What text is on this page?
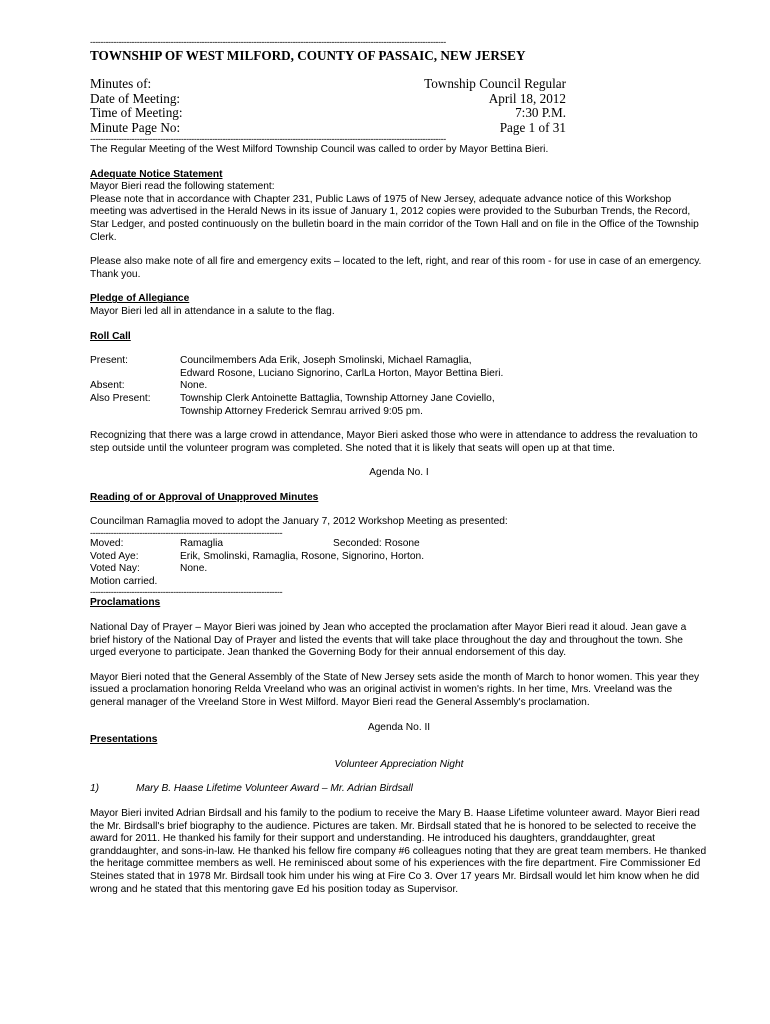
-----------------------------------------------------------------------------------------------------------------------------------------
TOWNSHIP OF WEST MILFORD, COUNTY OF PASSAIC, NEW JERSEY
Minutes of:	Township Council Regular
Date of Meeting:	April 18, 2012
Time of Meeting:	7:30 P.M.
Minute Page No:	Page 1 of 31
-----------------------------------------------------------------------------------------------------------------------------------------

The Regular Meeting of the West Milford Township Council was called to order by Mayor Bettina Bieri.

Adequate Notice Statement

Mayor Bieri read the following statement:

Please note that in accordance with Chapter 231, Public Laws of 1975 of New Jersey, adequate advance notice of this Workshop meeting was advertised in the Herald News in its issue of January 1, 2012 copies were provided to the Suburban Trends, the Record, Star Ledger, and posted continuously on the bulletin board in the main corridor of the Town Hall and on file in the Office of the Township Clerk.

Please also make note of all fire and emergency exits – located to the left, right, and rear of this room - for use in case of an emergency. Thank you.

Pledge of Allegiance

Mayor Bieri led all in attendance in a salute to the flag.

Roll Call

Present:	Councilmembers Ada Erik, Joseph Smolinski, Michael Ramaglia,
Edward Rosone, Luciano Signorino, CarlLa Horton, Mayor Bettina Bieri.
Absent:	None.
Also Present:	Township Clerk Antoinette Battaglia, Township Attorney Jane Coviello,
Township Attorney Frederick Semrau arrived 9:05 pm.

Recognizing that there was a large crowd in attendance, Mayor Bieri asked those who were in attendance to address the revaluation to step outside until the volunteer program was completed. She noted that it is likely that seats will open up at that time.

Agenda No. I

Reading of or Approval of Unapproved Minutes

Councilman Ramaglia moved to adopt the January 7, 2012 Workshop Meeting as presented:

--------------------------------------------------------------------------
Moved:	Ramaglia	Seconded: Rosone
Voted Aye:	Erik, Smolinski, Ramaglia, Rosone, Signorino, Horton.
Voted Nay:	None.

Motion carried.

--------------------------------------------------------------------------

Proclamations

National Day of Prayer – Mayor Bieri was joined by Jean who accepted the proclamation after Mayor Bieri read it aloud. Jean gave a brief history of the National Day of Prayer and listed the events that will take place throughout the day and throughout the town. She urged everyone to participate. Jean thanked the Governing Body for their annual endorsement of this day.

Mayor Bieri noted that the General Assembly of the State of New Jersey sets aside the month of March to honor women. This year they issued a proclamation honoring Relda Vreeland who was an original activist in women's rights. In her time, Mrs. Vreeland was the general manager of the Vreeland Store in West Milford. Mayor Bieri read the General Assembly's proclamation.

Agenda No. II

Presentations

Volunteer Appreciation Night

1)	Mary B. Haase Lifetime Volunteer Award – Mr. Adrian Birdsall

Mayor Bieri invited Adrian Birdsall and his family to the podium to receive the Mary B. Haase Lifetime volunteer award. Mayor Bieri read the Mr. Birdsall's brief biography to the audience. Pictures are taken. Mr. Birdsall stated that he is honored to be selected to receive the award for 2011. He thanked his family for their support and understanding. He introduced his daughters, granddaughter, great granddaughter, and sons-in-law. He thanked his fellow fire company #6 colleagues noting that they are great team members. He thanked the heritage committee members as well. He reminisced about some of his experiences with the fire department. Fire Commissioner Ed Steines stated that in 1978 Mr. Birdsall took him under his wing at Fire Co 3. Over 17 years Mr. Birdsall would let him know when he did wrong and he stated that this mentoring gave Ed his position today as Supervisor.
